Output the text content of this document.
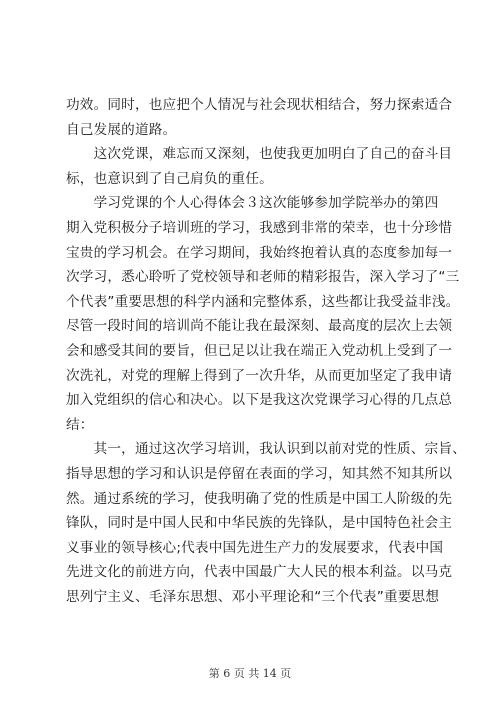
功效。同时，也应把个人情况与社会现状相结合，努力探索适合
自己发展的道路。
　　这次党课，难忘而又深刻，也使我更加明白了自己的奋斗目
标，也意识到了自己肩负的重任。
　　学习党课的个人心得体会３这次能够参加学院举办的第四
期入党积极分子培训班的学习，我感到非常的荣幸，也十分珍惜
宝贵的学习机会。在学习期间，我始终抱着认真的态度参加每一
次学习，悉心聆听了党校领导和老师的精彩报告，深入学习了“三
个代表”重要思想的科学内涵和完整体系，这些都让我受益非浅。
尽管一段时间的培训尚不能让我在最深刻、最高度的层次上去领
会和感受其间的要旨，但已足以让我在端正入党动机上受到了一
次洗礼，对党的理解上得到了一次升华，从而更加坚定了我申请
加入党组织的信心和决心。以下是我这次党课学习心得的几点总
结：
　　其一，通过这次学习培训，我认识到以前对党的性质、宗旨、
指导思想的学习和认识是停留在表面的学习，知其然不知其所以
然。通过系统的学习，使我明确了党的性质是中国工人阶级的先
锋队，同时是中国人民和中华民族的先锋队，是中国特色社会主
义事业的领导核心;代表中国先进生产力的发展要求，代表中国
先进文化的前进方向，代表中国最广大人民的根本利益。以马克
思列宁主义、毛泽东思想、邓小平理论和“三个代表”重要思想
第 6 页 共 14 页
